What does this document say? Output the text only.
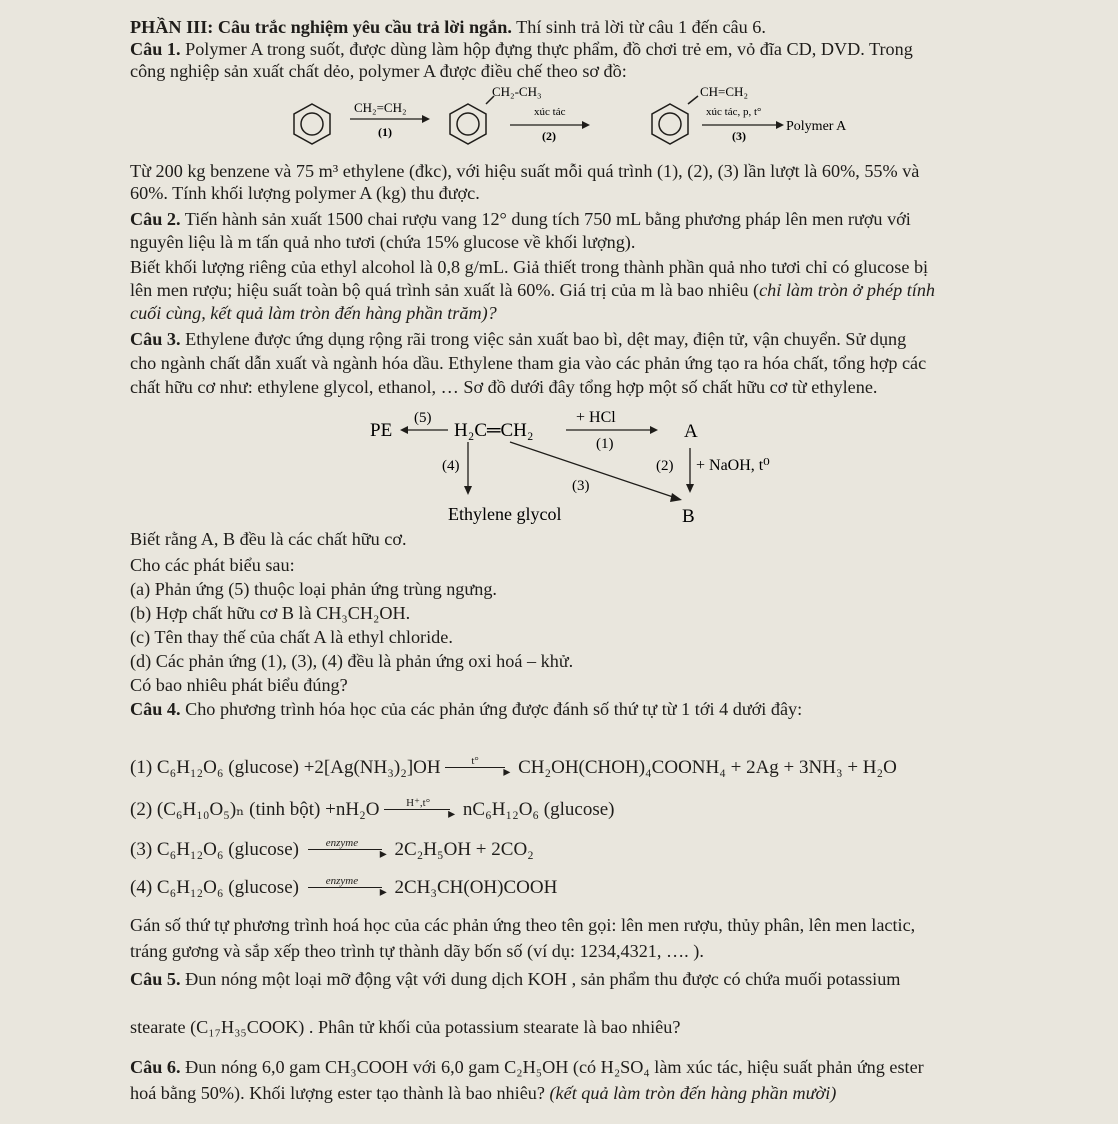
PHẦN III: Câu trắc nghiệm yêu cầu trả lời ngắn. Thí sinh trả lời từ câu 1 đến câu 6.
Câu 1. Polymer A trong suốt, được dùng làm hộp đựng thực phẩm, đồ chơi trẻ em, vỏ đĩa CD, DVD. Trong
công nghiệp sản xuất chất dẻo, polymer A được điều chế theo sơ đồ:
CH₂=CH₂
(1)
CH₂-CH₃
xúc tác
(2)
CH=CH₂
xúc tác, p, t°
(3)
Polymer A
Từ 200 kg benzene và 75 m³ ethylene (đkc), với hiệu suất mỗi quá trình (1), (2), (3) lần lượt là 60%, 55% và
60%. Tính khối lượng polymer A (kg) thu được.
Câu 2. Tiến hành sản xuất 1500 chai rượu vang 12° dung tích 750 mL bằng phương pháp lên men rượu với
nguyên liệu là m tấn quả nho tươi (chứa 15% glucose về khối lượng).
Biết khối lượng riêng của ethyl alcohol là 0,8 g/mL. Giả thiết trong thành phần quả nho tươi chỉ có glucose bị
lên men rượu; hiệu suất toàn bộ quá trình sản xuất là 60%. Giá trị của m là bao nhiêu (chỉ làm tròn ở phép tính
cuối cùng, kết quả làm tròn đến hàng phần trăm)?
Câu 3. Ethylene được ứng dụng rộng rãi trong việc sản xuất bao bì, dệt may, điện tử, vận chuyển. Sử dụng
cho ngành chất dẫn xuất và ngành hóa dầu. Ethylene tham gia vào các phản ứng tạo ra hóa chất, tổng hợp các
chất hữu cơ như: ethylene glycol, ethanol, … Sơ đồ dưới đây tổng hợp một số chất hữu cơ từ ethylene.
PE
(5)
H₂C═CH₂
+ HCl
(1)
A
(4)
(3)
(2) + NaOH, t⁰
Ethylene glycol	B
Biết rằng A, B đều là các chất hữu cơ.
Cho các phát biểu sau:
(a) Phản ứng (5) thuộc loại phản ứng trùng ngưng.
(b) Hợp chất hữu cơ B là CH₃CH₂OH.
(c) Tên thay thế của chất A là ethyl chloride.
(d) Các phản ứng (1), (3), (4) đều là phản ứng oxi hoá – khử.
Có bao nhiêu phát biểu đúng?
Câu 4. Cho phương trình hóa học của các phản ứng được đánh số thứ tự từ 1 tới 4 dưới đây:
(1) C₆H₁₂O₆ (glucose) +2[Ag(NH₃)₂]OH	▸
t° CH₂OH(CHOH)₄COONH₄ + 2Ag + 3NH₃ + H₂O
(2) (C₆H₁₀O₅)ₙ (tinh bột) +nH₂O	▸
H⁺,t° nC₆H₁₂O₆ (glucose)
(3) C₆H₁₂O₆ (glucose)	▸
enzyme 2C₂H₅OH + 2CO₂
(4) C₆H₁₂O₆ (glucose)	▸
enzyme 2CH₃CH(OH)COOH
Gán số thứ tự phương trình hoá học của các phản ứng theo tên gọi: lên men rượu, thủy phân, lên men lactic,
tráng gương và sắp xếp theo trình tự thành dãy bốn số (ví dụ: 1234,4321, …. ).
Câu 5. Đun nóng một loại mỡ động vật với dung dịch KOH , sản phẩm thu được có chứa muối potassium
stearate (C₁₇H₃₅COOK) . Phân tử khối của potassium stearate là bao nhiêu?
Câu 6. Đun nóng 6,0 gam CH₃COOH với 6,0 gam C₂H₅OH (có H₂SO₄ làm xúc tác, hiệu suất phản ứng ester
hoá bằng 50%). Khối lượng ester tạo thành là bao nhiêu? (kết quả làm tròn đến hàng phần mười)
